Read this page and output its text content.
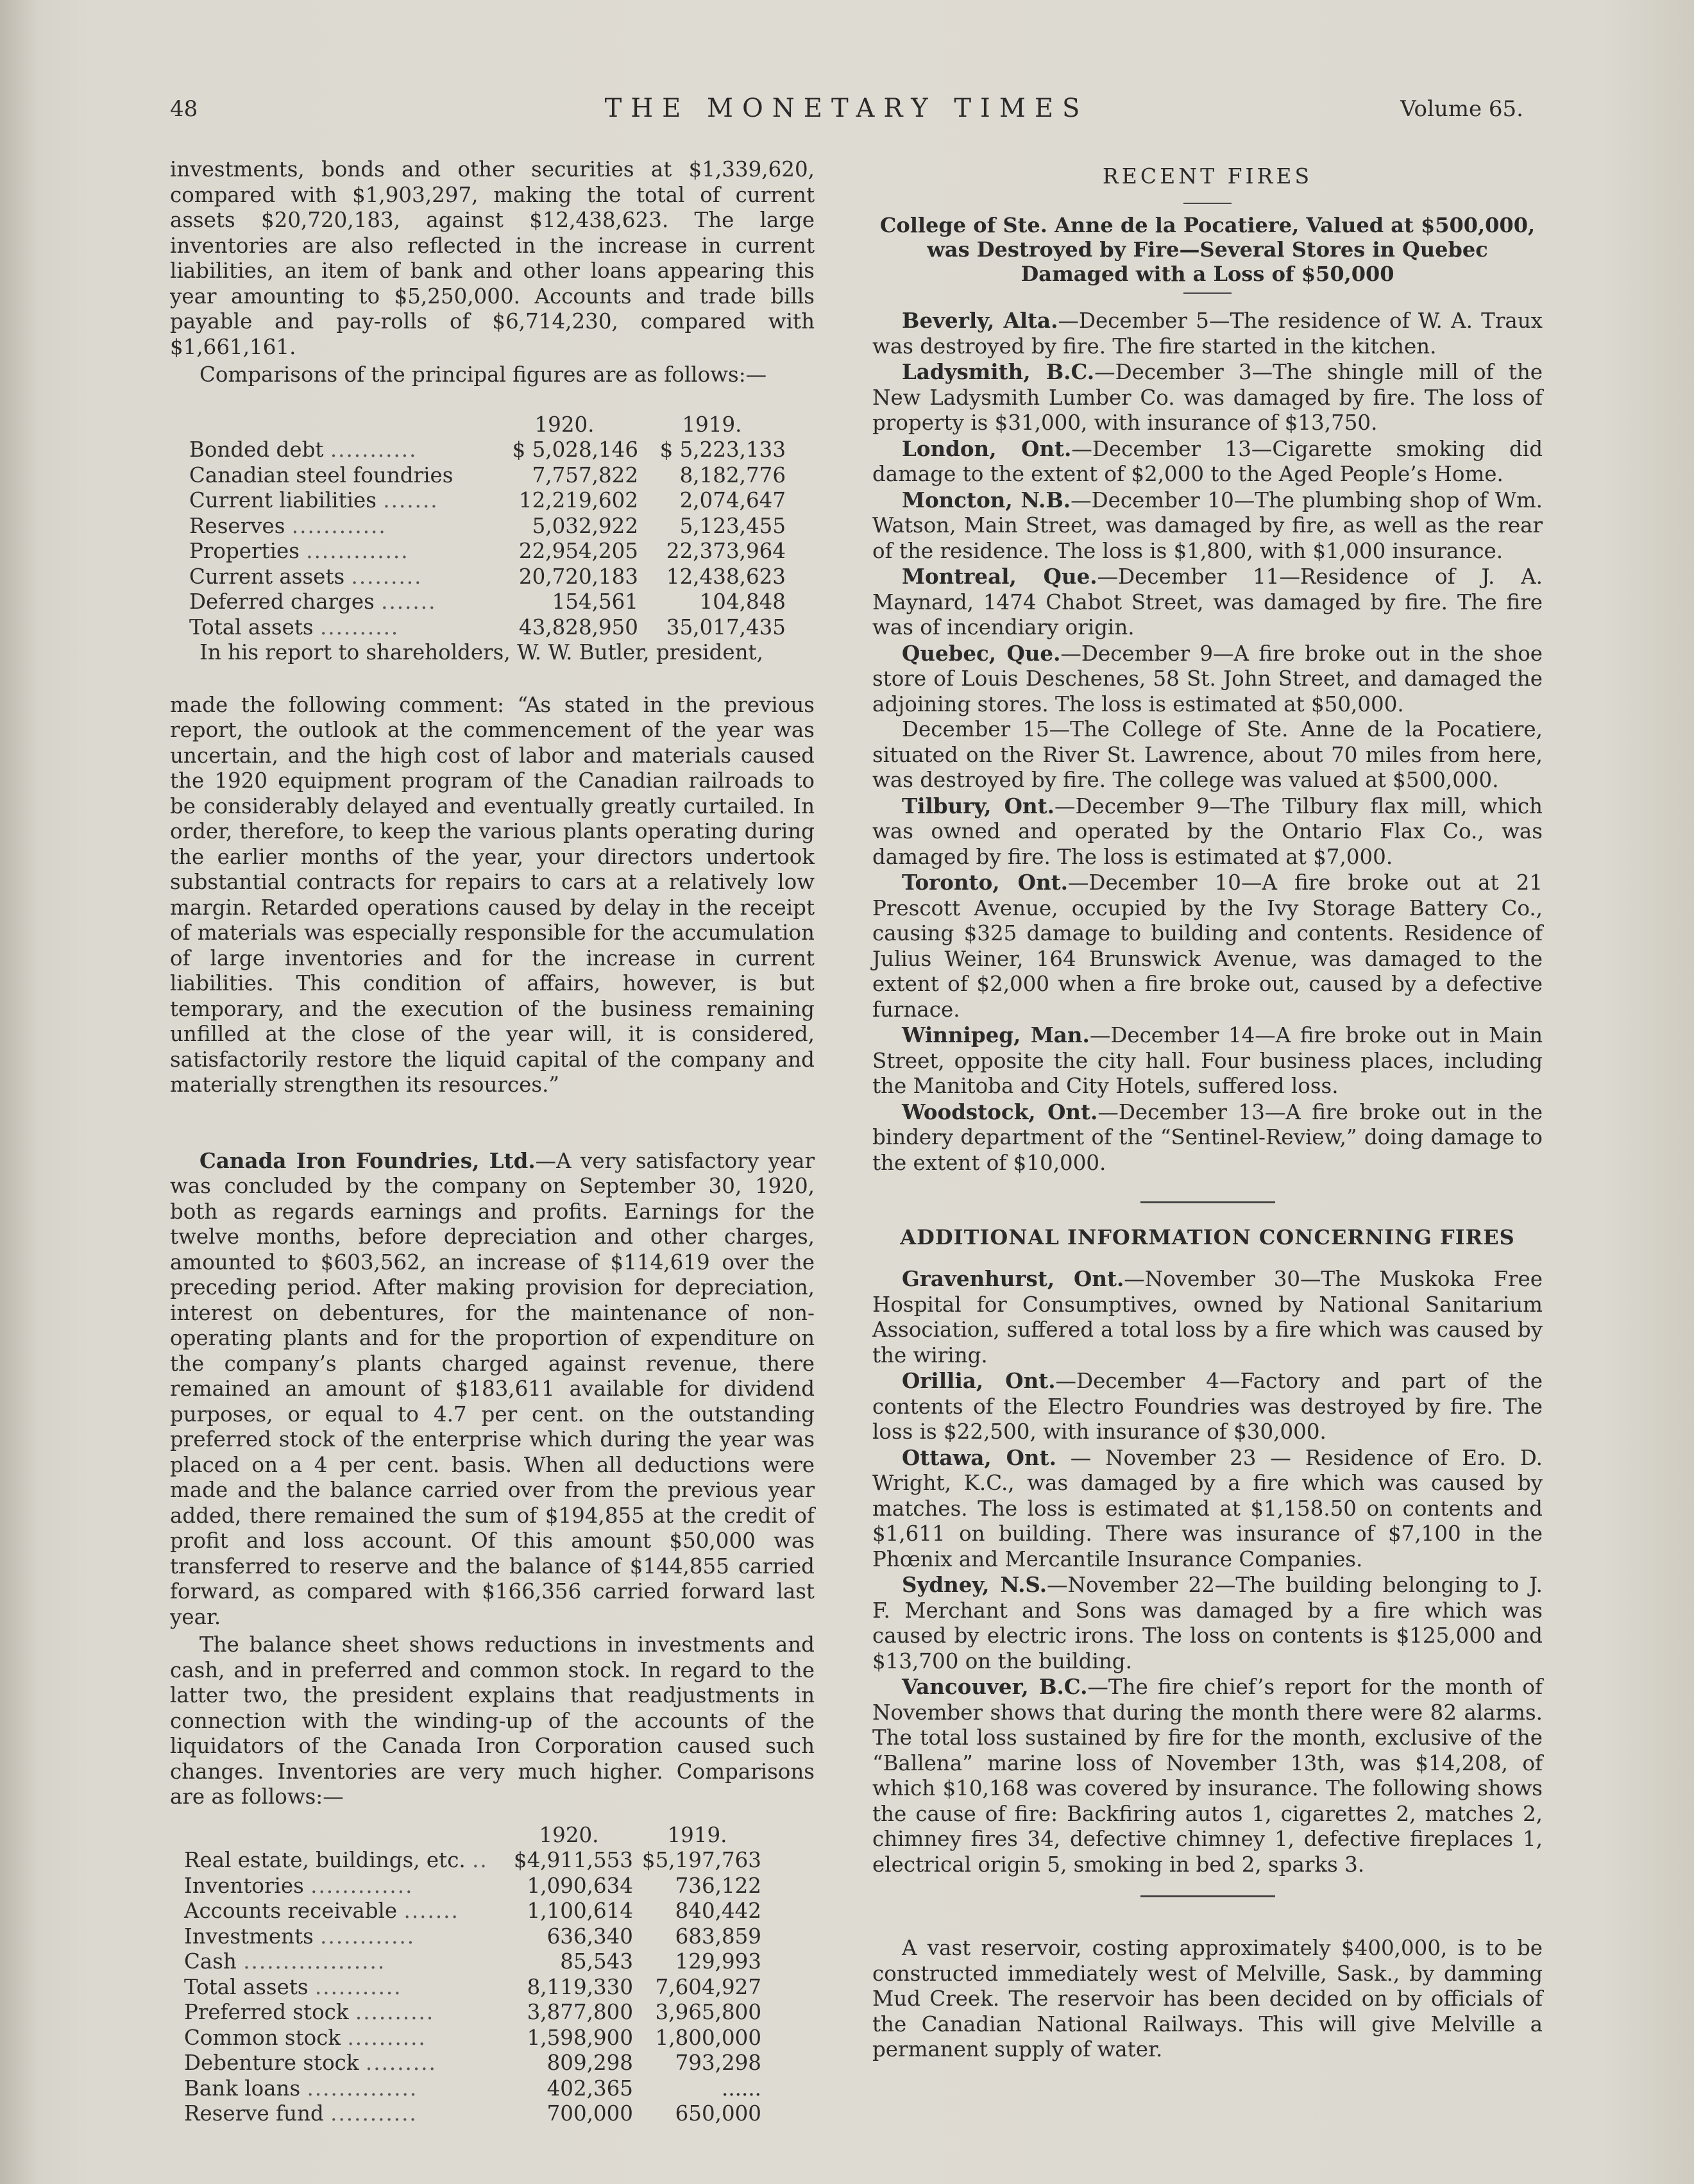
48	THE MONETARY TIMES	Volume 65.

investments, bonds and other securities at $1,339,620, compared with $1,903,297, making the total of current assets $20,720,183, against $12,438,623. The large inventories are also reflected in the increase in current liabilities, an item of bank and other loans appearing this year amounting to $5,250,000. Accounts and trade bills payable and pay-rolls of $6,714,230, compared with $1,661,161.

Comparisons of the principal figures are as follows:—

	1920.	1919.
Bonded debt ...........	$ 5,028,146	$ 5,223,133
Canadian steel foundries	7,757,822	8,182,776
Current liabilities .......	12,219,602	2,074,647
Reserves ............	5,032,922	5,123,455
Properties .............	22,954,205	22,373,964
Current assets .........	20,720,183	12,438,623
Deferred charges .......	154,561	104,848
Total assets ..........	43,828,950	35,017,435

In his report to shareholders, W. W. Butler, president,

made the following comment: “As stated in the previous report, the outlook at the commencement of the year was uncertain, and the high cost of labor and materials caused the 1920 equipment program of the Canadian railroads to be considerably delayed and eventually greatly curtailed. In order, therefore, to keep the various plants operating during the earlier months of the year, your directors undertook substantial contracts for repairs to cars at a relatively low margin. Retarded operations caused by delay in the receipt of materials was especially responsible for the accumulation of large inventories and for the increase in current liabilities. This condition of affairs, however, is but temporary, and the execution of the business remaining unfilled at the close of the year will, it is considered, satisfactorily restore the liquid capital of the company and materially strengthen its resources.”

Canada Iron Foundries, Ltd.—A very satisfactory year was concluded by the company on September 30, 1920, both as regards earnings and profits. Earnings for the twelve months, before depreciation and other charges, amounted to $603,562, an increase of $114,619 over the preceding period. After making provision for depreciation, interest on debentures, for the maintenance of non-operating plants and for the proportion of expenditure on the company’s plants charged against revenue, there remained an amount of $183,611 available for dividend purposes, or equal to 4.7 per cent. on the outstanding preferred stock of the enterprise which during the year was placed on a 4 per cent. basis. When all deductions were made and the balance carried over from the previous year added, there remained the sum of $194,855 at the credit of profit and loss account. Of this amount $50,000 was transferred to reserve and the balance of $144,855 carried forward, as compared with $166,356 carried forward last year.

The balance sheet shows reductions in investments and cash, and in preferred and common stock. In regard to the latter two, the president explains that readjustments in connection with the winding-up of the accounts of the liquidators of the Canada Iron Corporation caused such changes. Inventories are very much higher. Comparisons are as follows:—

	1920.	1919.
Real estate, buildings, etc. ..	$4,911,553	$5,197,763
Inventories .............	1,090,634	736,122
Accounts receivable .......	1,100,614	840,442
Investments ............	636,340	683,859
Cash ..................	85,543	129,993
Total assets ...........	8,119,330	7,604,927
Preferred stock ..........	3,877,800	3,965,800
Common stock ..........	1,598,900	1,800,000
Debenture stock .........	809,298	793,298
Bank loans ..............	402,365	......
Reserve fund ...........	700,000	650,000
RECENT FIRES
College of Ste. Anne de la Pocatiere, Valued at $500,000, was Destroyed by Fire—Several Stores in Quebec Damaged with a Loss of $50,000

Beverly, Alta.—December 5—The residence of W. A. Traux was destroyed by fire. The fire started in the kitchen.

Ladysmith, B.C.—December 3—The shingle mill of the New Ladysmith Lumber Co. was damaged by fire. The loss of property is $31,000, with insurance of $13,750.

London, Ont.—December 13—Cigarette smoking did damage to the extent of $2,000 to the Aged People’s Home.

Moncton, N.B.—December 10—The plumbing shop of Wm. Watson, Main Street, was damaged by fire, as well as the rear of the residence. The loss is $1,800, with $1,000 insurance.

Montreal, Que.—December 11—Residence of J. A. Maynard, 1474 Chabot Street, was damaged by fire. The fire was of incendiary origin.

Quebec, Que.—December 9—A fire broke out in the shoe store of Louis Deschenes, 58 St. John Street, and damaged the adjoining stores. The loss is estimated at $50,000.

December 15—The College of Ste. Anne de la Pocatiere, situated on the River St. Lawrence, about 70 miles from here, was destroyed by fire. The college was valued at $500,000.

Tilbury, Ont.—December 9—The Tilbury flax mill, which was owned and operated by the Ontario Flax Co., was damaged by fire. The loss is estimated at $7,000.

Toronto, Ont.—December 10—A fire broke out at 21 Prescott Avenue, occupied by the Ivy Storage Battery Co., causing $325 damage to building and contents. Residence of Julius Weiner, 164 Brunswick Avenue, was damaged to the extent of $2,000 when a fire broke out, caused by a defective furnace.

Winnipeg, Man.—December 14—A fire broke out in Main Street, opposite the city hall. Four business places, including the Manitoba and City Hotels, suffered loss.

Woodstock, Ont.—December 13—A fire broke out in the bindery department of the “Sentinel-Review,” doing damage to the extent of $10,000.

ADDITIONAL INFORMATION CONCERNING FIRES

Gravenhurst, Ont.—November 30—The Muskoka Free Hospital for Consumptives, owned by National Sanitarium Association, suffered a total loss by a fire which was caused by the wiring.

Orillia, Ont.—December 4—Factory and part of the contents of the Electro Foundries was destroyed by fire. The loss is $22,500, with insurance of $30,000.

Ottawa, Ont. — November 23 — Residence of Ero. D. Wright, K.C., was damaged by a fire which was caused by matches. The loss is estimated at $1,158.50 on contents and $1,611 on building. There was insurance of $7,100 in the Phœnix and Mercantile Insurance Companies.

Sydney, N.S.—November 22—The building belonging to J. F. Merchant and Sons was damaged by a fire which was caused by electric irons. The loss on contents is $125,000 and $13,700 on the building.

Vancouver, B.C.—The fire chief’s report for the month of November shows that during the month there were 82 alarms. The total loss sustained by fire for the month, exclusive of the “Ballena” marine loss of November 13th, was $14,208, of which $10,168 was covered by insurance. The following shows the cause of fire: Backfiring autos 1, cigarettes 2, matches 2, chimney fires 34, defective chimney 1, defective fireplaces 1, electrical origin 5, smoking in bed 2, sparks 3.

A vast reservoir, costing approximately $400,000, is to be constructed immediately west of Melville, Sask., by damming Mud Creek. The reservoir has been decided on by officials of the Canadian National Railways. This will give Melville a permanent supply of water.
